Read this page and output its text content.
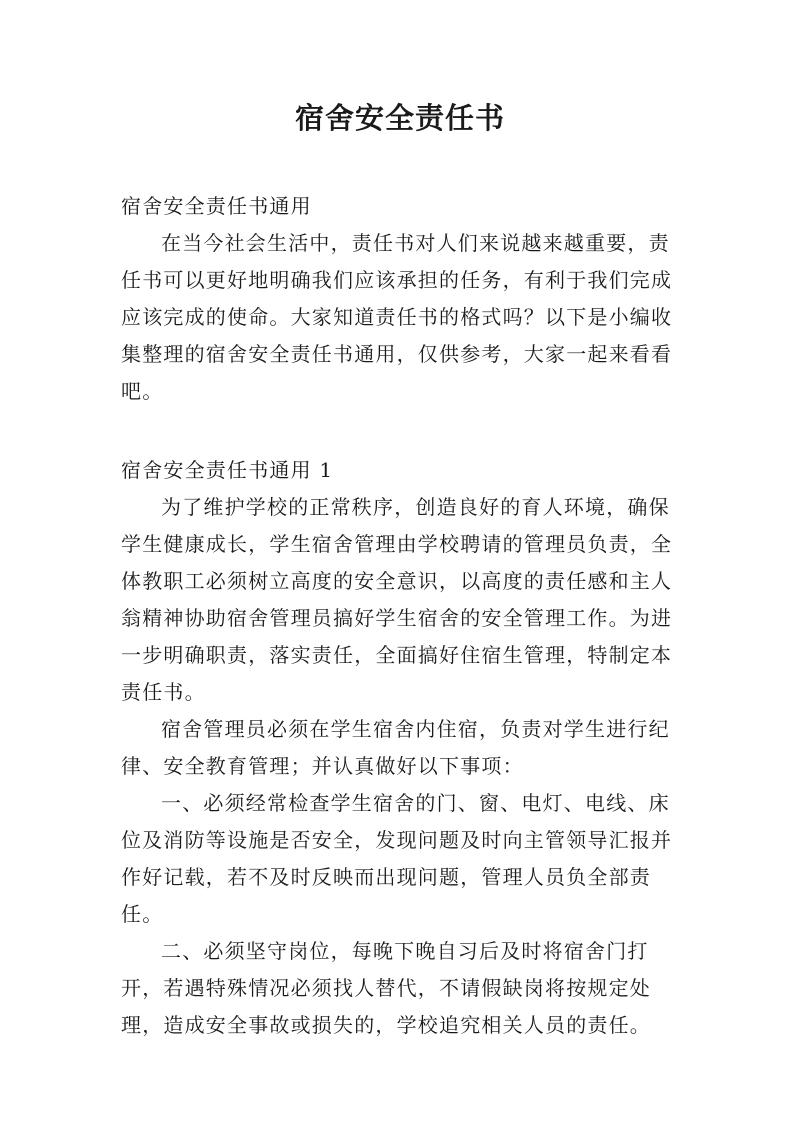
宿舍安全责任书

宿舍安全责任书通用

在当今社会生活中，责任书对人们来说越来越重要，责任书可以更好地明确我们应该承担的任务，有利于我们完成应该完成的使命。大家知道责任书的格式吗？以下是小编收集整理的宿舍安全责任书通用，仅供参考，大家一起来看看吧。

宿舍安全责任书通用 1

为了维护学校的正常秩序，创造良好的育人环境，确保学生健康成长，学生宿舍管理由学校聘请的管理员负责，全体教职工必须树立高度的安全意识，以高度的责任感和主人翁精神协助宿舍管理员搞好学生宿舍的安全管理工作。为进一步明确职责，落实责任，全面搞好住宿生管理，特制定本责任书。

宿舍管理员必须在学生宿舍内住宿，负责对学生进行纪律、安全教育管理；并认真做好以下事项：

一、必须经常检查学生宿舍的门、窗、电灯、电线、床位及消防等设施是否安全，发现问题及时向主管领导汇报并作好记载，若不及时反映而出现问题，管理人员负全部责任。

二、必须坚守岗位，每晚下晚自习后及时将宿舍门打开，若遇特殊情况必须找人替代，不请假缺岗将按规定处理，造成安全事故或损失的，学校追究相关人员的责任。
